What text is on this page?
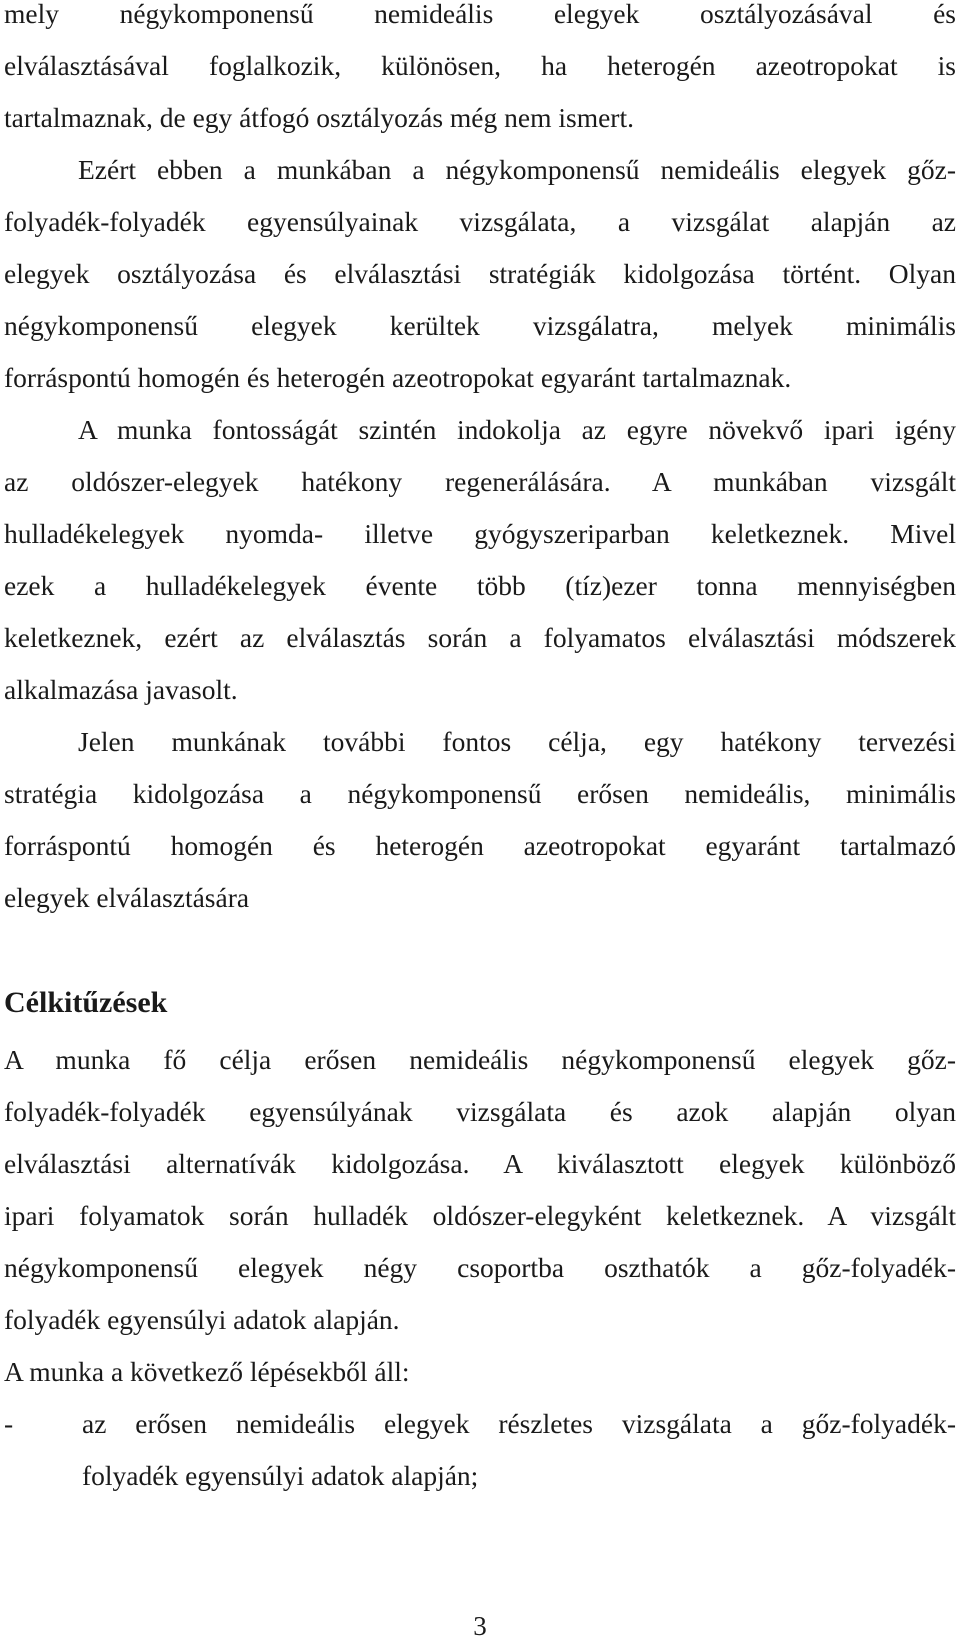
mely négykomponensű nemideális elegyek osztályozásával és
elválasztásával foglalkozik, különösen, ha heterogén azeotropokat is
tartalmaznak, de egy átfogó osztályozás még nem ismert.
Ezért ebben a munkában a négykomponensű nemideális elegyek gőz-
folyadék-folyadék egyensúlyainak vizsgálata, a vizsgálat alapján az
elegyek osztályozása és elválasztási stratégiák kidolgozása történt. Olyan
négykomponensű elegyek kerültek vizsgálatra, melyek minimális
forráspontú homogén és heterogén azeotropokat egyaránt tartalmaznak.
A munka fontosságát szintén indokolja az egyre növekvő ipari igény
az oldószer-elegyek hatékony regenerálására. A munkában vizsgált
hulladékelegyek nyomda- illetve gyógyszeriparban keletkeznek. Mivel
ezek a hulladékelegyek évente több (tíz)ezer tonna mennyiségben
keletkeznek, ezért az elválasztás során a folyamatos elválasztási módszerek
alkalmazása javasolt.
Jelen munkának további fontos célja, egy hatékony tervezési
stratégia kidolgozása a négykomponensű erősen nemideális, minimális
forráspontú homogén és heterogén azeotropokat egyaránt tartalmazó
elegyek elválasztására
Célkitűzések
A munka fő célja erősen nemideális négykomponensű elegyek gőz-
folyadék-folyadék egyensúlyának vizsgálata és azok alapján olyan
elválasztási alternatívák kidolgozása. A kiválasztott elegyek különböző
ipari folyamatok során hulladék oldószer-elegyként keletkeznek. A vizsgált
négykomponensű elegyek négy csoportba oszthatók a gőz-folyadék-
folyadék egyensúlyi adatok alapján.
A munka a következő lépésekből áll:
-	az erősen nemideális elegyek részletes vizsgálata a gőz-folyadék-
folyadék egyensúlyi adatok alapján;
3
